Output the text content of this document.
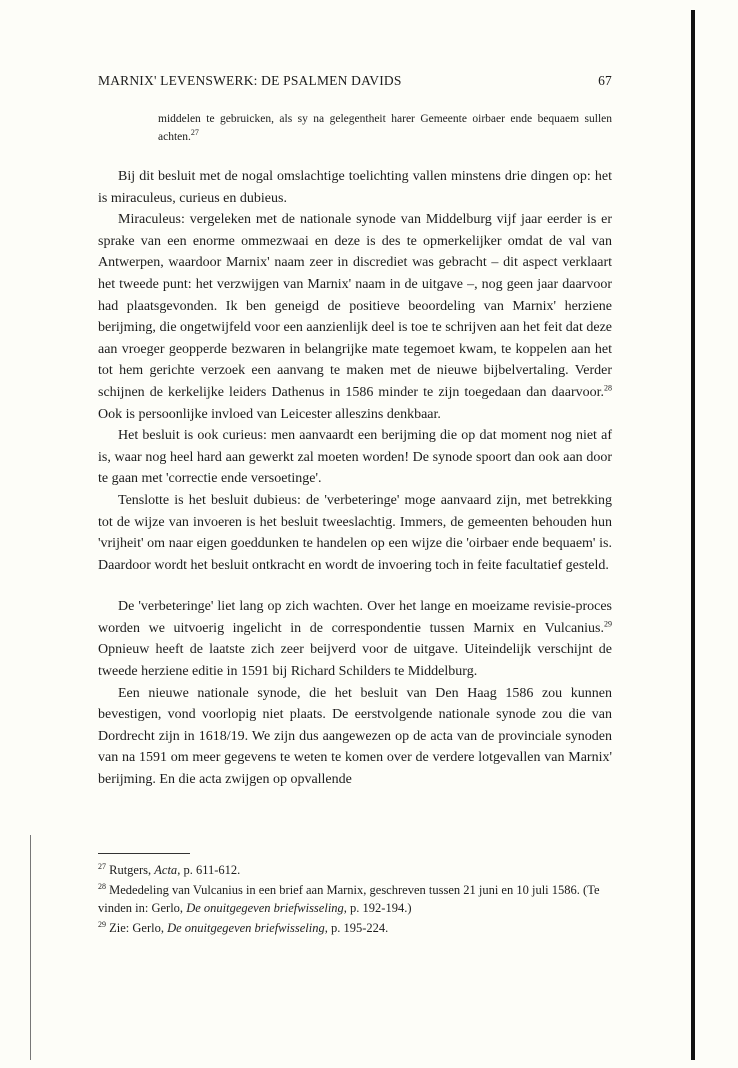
MARNIX' LEVENSWERK: DE PSALMEN DAVIDS	67

middelen te gebruicken, als sy na gelegentheit harer Gemeente oirbaer ende bequaem sullen achten.$^{27}$

Bij dit besluit met de nogal omslachtige toelichting vallen minstens drie dingen op: het is miraculeus, curieus en dubieus.

Miraculeus: vergeleken met de nationale synode van Middelburg vijf jaar eerder is er sprake van een enorme ommezwaai en deze is des te opmerkelijker omdat de val van Antwerpen, waardoor Marnix' naam zeer in discrediet was gebracht – dit aspect verklaart het tweede punt: het verzwijgen van Marnix' naam in de uitgave –, nog geen jaar daarvoor had plaatsgevonden. Ik ben geneigd de positieve beoordeling van Marnix' herziene berijming, die ongetwijfeld voor een aanzienlijk deel is toe te schrijven aan het feit dat deze aan vroeger geopperde bezwaren in belangrijke mate tegemoet kwam, te koppelen aan het tot hem gerichte verzoek een aanvang te maken met de nieuwe bijbelvertaling. Verder schijnen de kerkelijke leiders Dathenus in 1586 minder te zijn toegedaan dan daarvoor.$^{28}$ Ook is persoonlijke invloed van Leicester alleszins denkbaar.

Het besluit is ook curieus: men aanvaardt een berijming die op dat moment nog niet af is, waar nog heel hard aan gewerkt zal moeten worden! De synode spoort dan ook aan door te gaan met 'correctie ende versoetinge'.

Tenslotte is het besluit dubieus: de 'verbeteringe' moge aanvaard zijn, met betrekking tot de wijze van invoeren is het besluit tweeslachtig. Immers, de gemeenten behouden hun 'vrijheit' om naar eigen goeddunken te handelen op een wijze die 'oirbaer ende bequaem' is. Daardoor wordt het besluit ontkracht en wordt de invoering toch in feite facultatief gesteld.

De 'verbeteringe' liet lang op zich wachten. Over het lange en moeizame revisie-proces worden we uitvoerig ingelicht in de correspondentie tussen Marnix en Vulcanius.$^{29}$ Opnieuw heeft de laatste zich zeer beijverd voor de uitgave. Uiteindelijk verschijnt de tweede herziene editie in 1591 bij Richard Schilders te Middelburg.

Een nieuwe nationale synode, die het besluit van Den Haag 1586 zou kunnen bevestigen, vond voorlopig niet plaats. De eerstvolgende nationale synode zou die van Dordrecht zijn in 1618/19. We zijn dus aangewezen op de acta van de provinciale synoden van na 1591 om meer gegevens te weten te komen over de verdere lotgevallen van Marnix' berijming. En die acta zwijgen op opvallende

$^{27}$ Rutgers, Acta, p. 611-612.

$^{28}$ Mededeling van Vulcanius in een brief aan Marnix, geschreven tussen 21 juni en 10 juli 1586. (Te vinden in: Gerlo, De onuitgegeven briefwisseling, p. 192-194.)

$^{29}$ Zie: Gerlo, De onuitgegeven briefwisseling, p. 195-224.
